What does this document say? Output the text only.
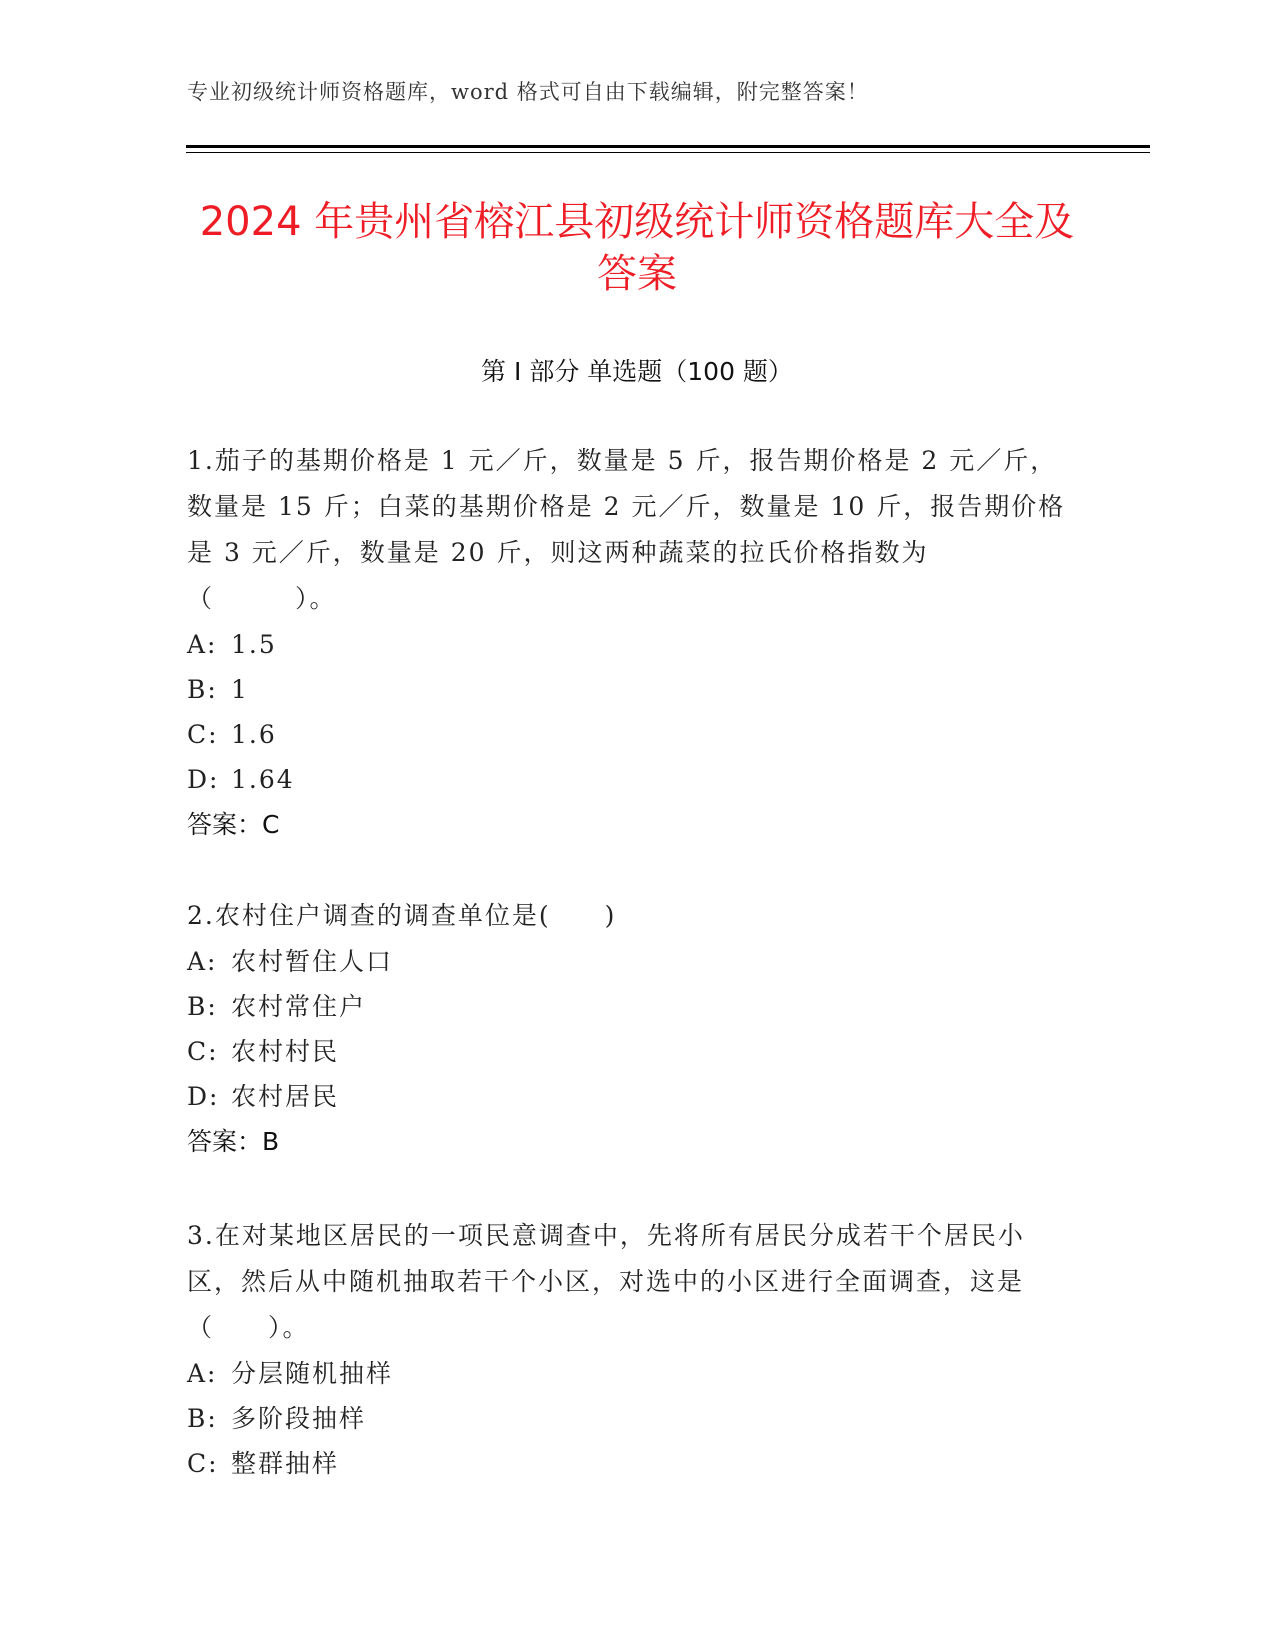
专业初级统计师资格题库，word 格式可自由下载编辑，附完整答案！
2024 年贵州省榕江县初级统计师资格题库大全及答案
第 I 部分 单选题（100 题）

1.茄子的基期价格是 1 元／斤，数量是 5 斤，报告期价格是 2 元／斤，数量是 15 斤；白菜的基期价格是 2 元／斤，数量是 10 斤，报告期价格是 3 元／斤，数量是 20 斤，则这两种蔬菜的拉氏价格指数为（　　　）。

A: 1.5

B: 1

C: 1.6

D: 1.64

答案：C

2.农村住户调查的调查单位是(　　)

A: 农村暂住人口

B: 农村常住户

C: 农村村民

D: 农村居民

答案：B

3.在对某地区居民的一项民意调查中，先将所有居民分成若干个居民小区，然后从中随机抽取若干个小区，对选中的小区进行全面调查，这是（　　）。

A: 分层随机抽样

B: 多阶段抽样

C: 整群抽样
